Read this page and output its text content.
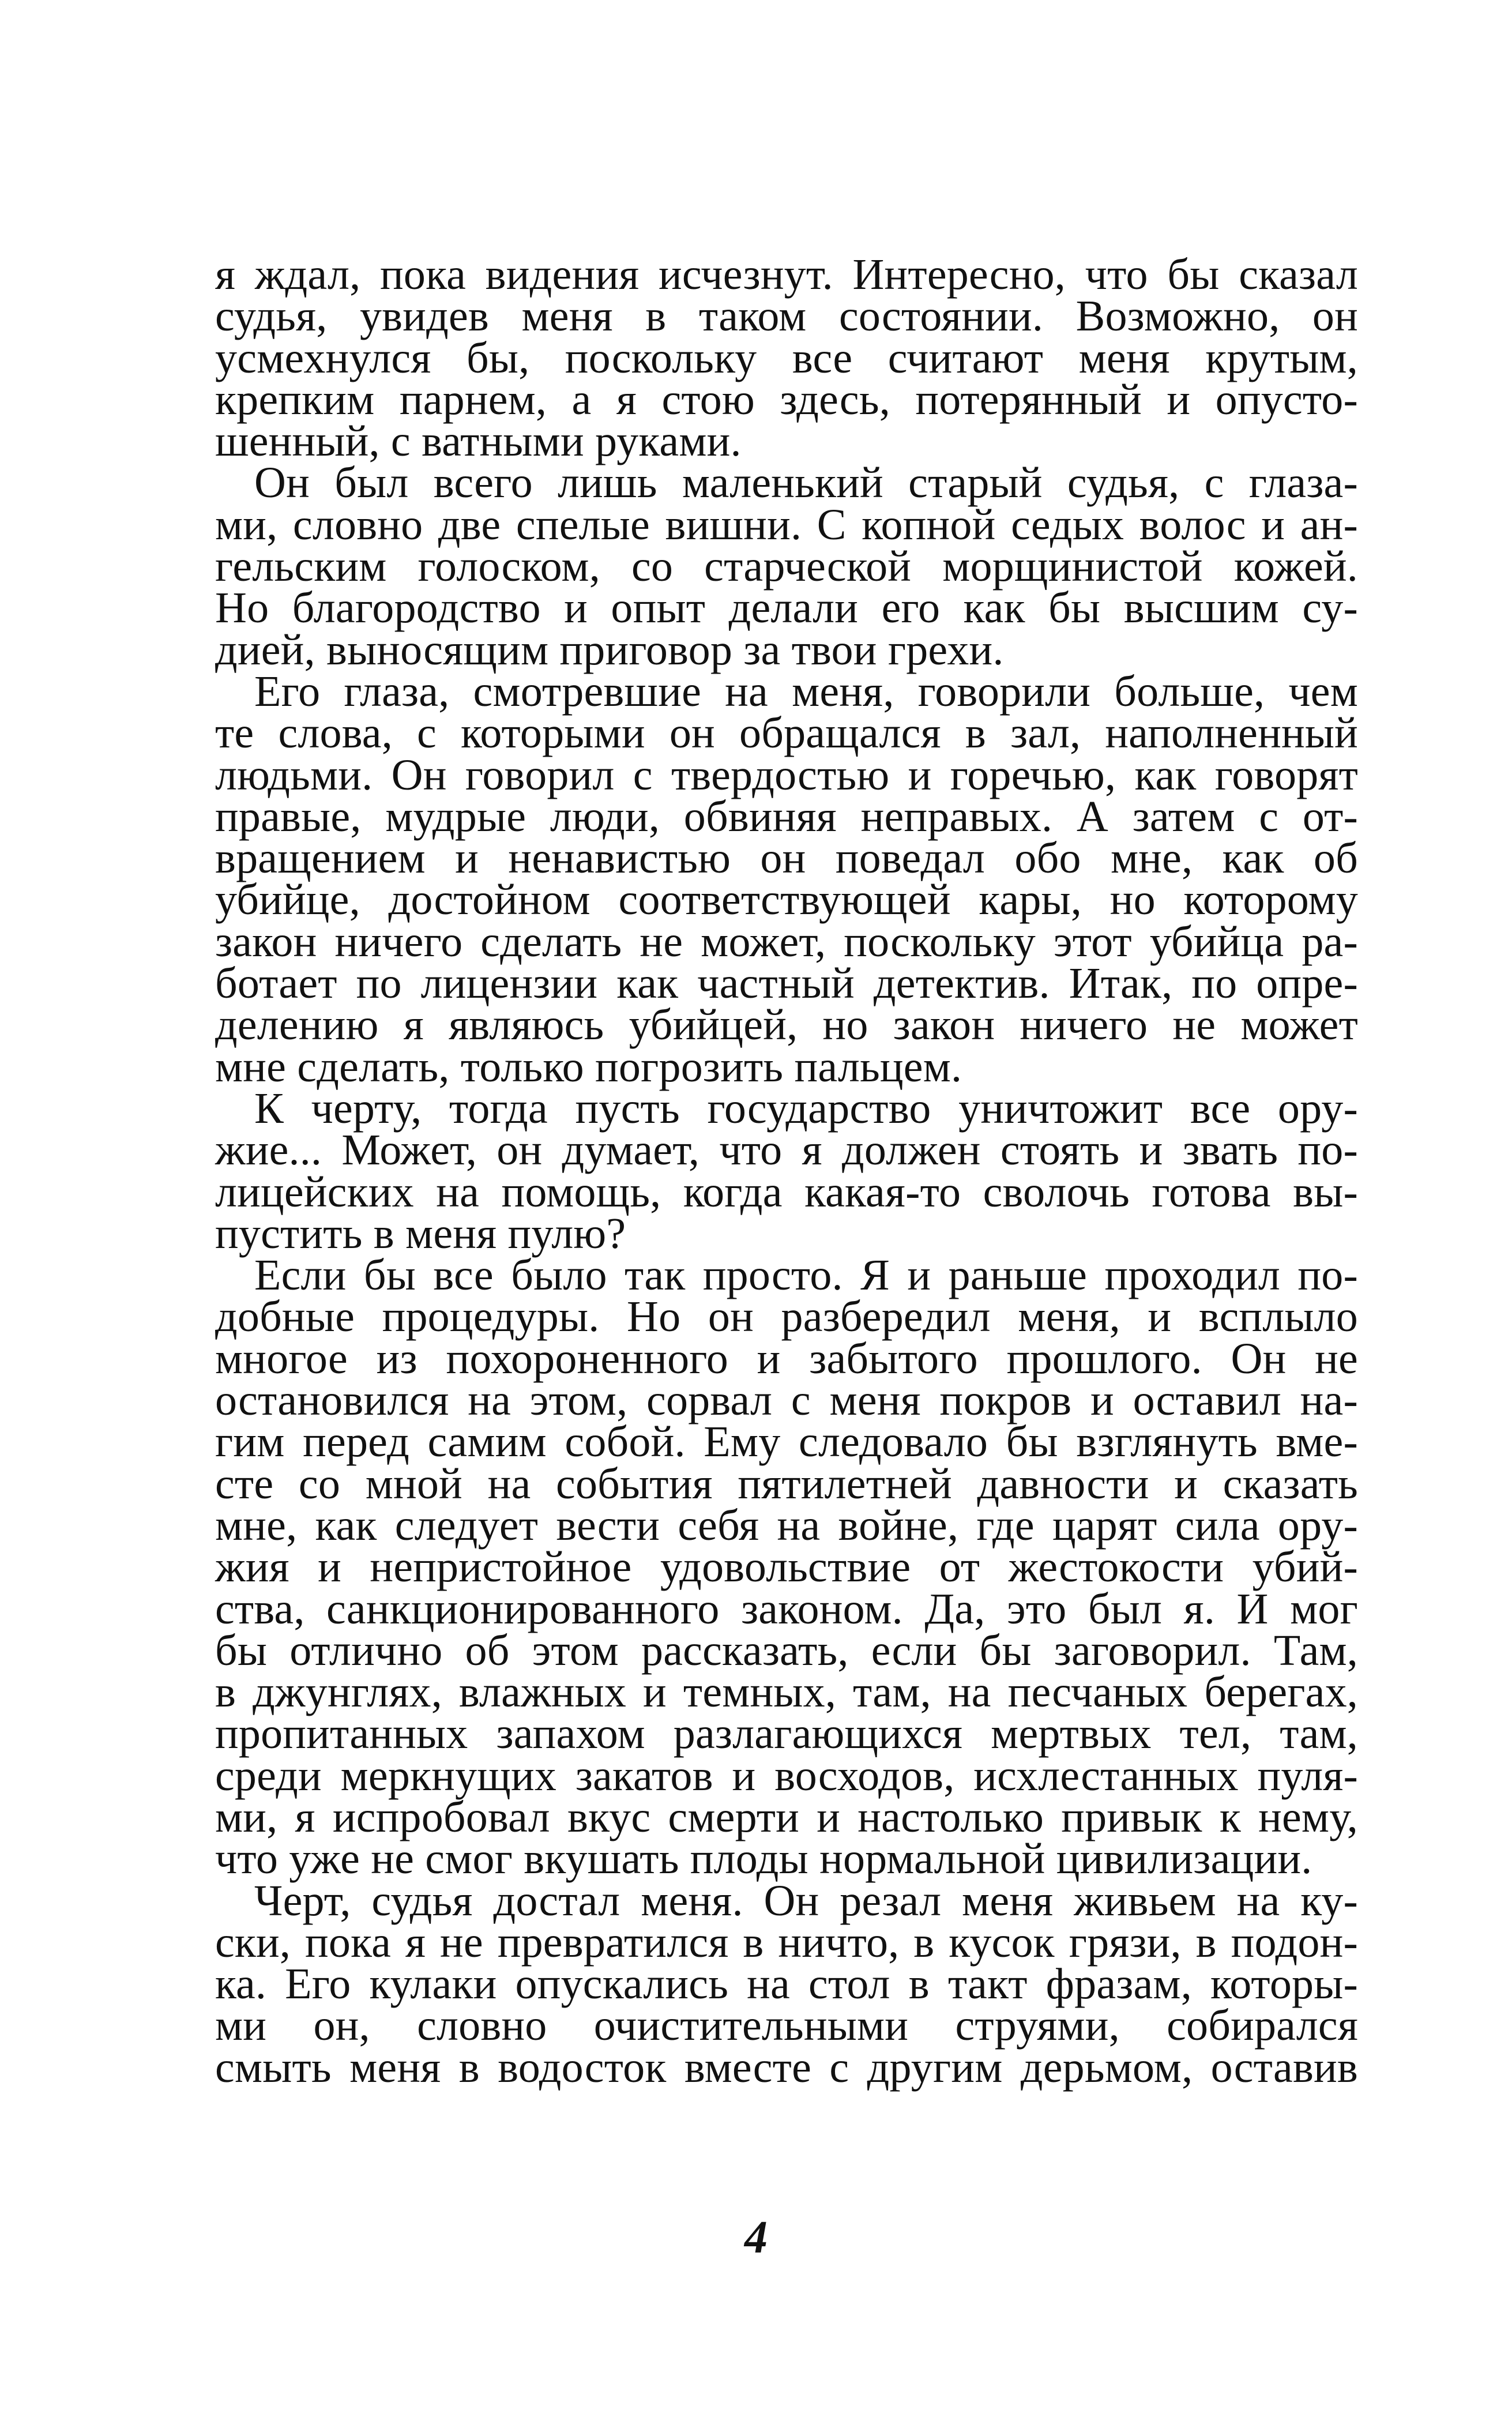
я ждал, пока видения исчезнут. Интересно, что бы сказал
судья, увидев меня в таком состоянии. Возможно, он
усмехнулся бы, поскольку все считают меня крутым,
крепким парнем, а я стою здесь, потерянный и опусто-
шенный, с ватными руками.
Он был всего лишь маленький старый судья, с глаза-
ми, словно две спелые вишни. С копной седых волос и ан-
гельским голоском, со старческой морщинистой кожей.
Но благородство и опыт делали его как бы высшим су-
дией, выносящим приговор за твои грехи.
Его глаза, смотревшие на меня, говорили больше, чем
те слова, с которыми он обращался в зал, наполненный
людьми. Он говорил с твердостью и горечью, как говорят
правые, мудрые люди, обвиняя неправых. А затем с от-
вращением и ненавистью он поведал обо мне, как об
убийце, достойном соответствующей кары, но которому
закон ничего сделать не может, поскольку этот убийца ра-
ботает по лицензии как частный детектив. Итак, по опре-
делению я являюсь убийцей, но закон ничего не может
мне сделать, только погрозить пальцем.
К черту, тогда пусть государство уничтожит все ору-
жие... Может, он думает, что я должен стоять и звать по-
лицейских на помощь, когда какая-то сволочь готова вы-
пустить в меня пулю?
Если бы все было так просто. Я и раньше проходил по-
добные процедуры. Но он разбередил меня, и всплыло
многое из похороненного и забытого прошлого. Он не
остановился на этом, сорвал с меня покров и оставил на-
гим перед самим собой. Ему следовало бы взглянуть вме-
сте со мной на события пятилетней давности и сказать
мне, как следует вести себя на войне, где царят сила ору-
жия и непристойное удовольствие от жестокости убий-
ства, санкционированного законом. Да, это был я. И мог
бы отлично об этом рассказать, если бы заговорил. Там,
в джунглях, влажных и темных, там, на песчаных берегах,
пропитанных запахом разлагающихся мертвых тел, там,
среди меркнущих закатов и восходов, исхлестанных пуля-
ми, я испробовал вкус смерти и настолько привык к нему,
что уже не смог вкушать плоды нормальной цивилизации.
Черт, судья достал меня. Он резал меня живьем на ку-
ски, пока я не превратился в ничто, в кусок грязи, в подон-
ка. Его кулаки опускались на стол в такт фразам, которы-
ми он, словно очистительными струями, собирался
смыть меня в водосток вместе с другим дерьмом, оставив
4
